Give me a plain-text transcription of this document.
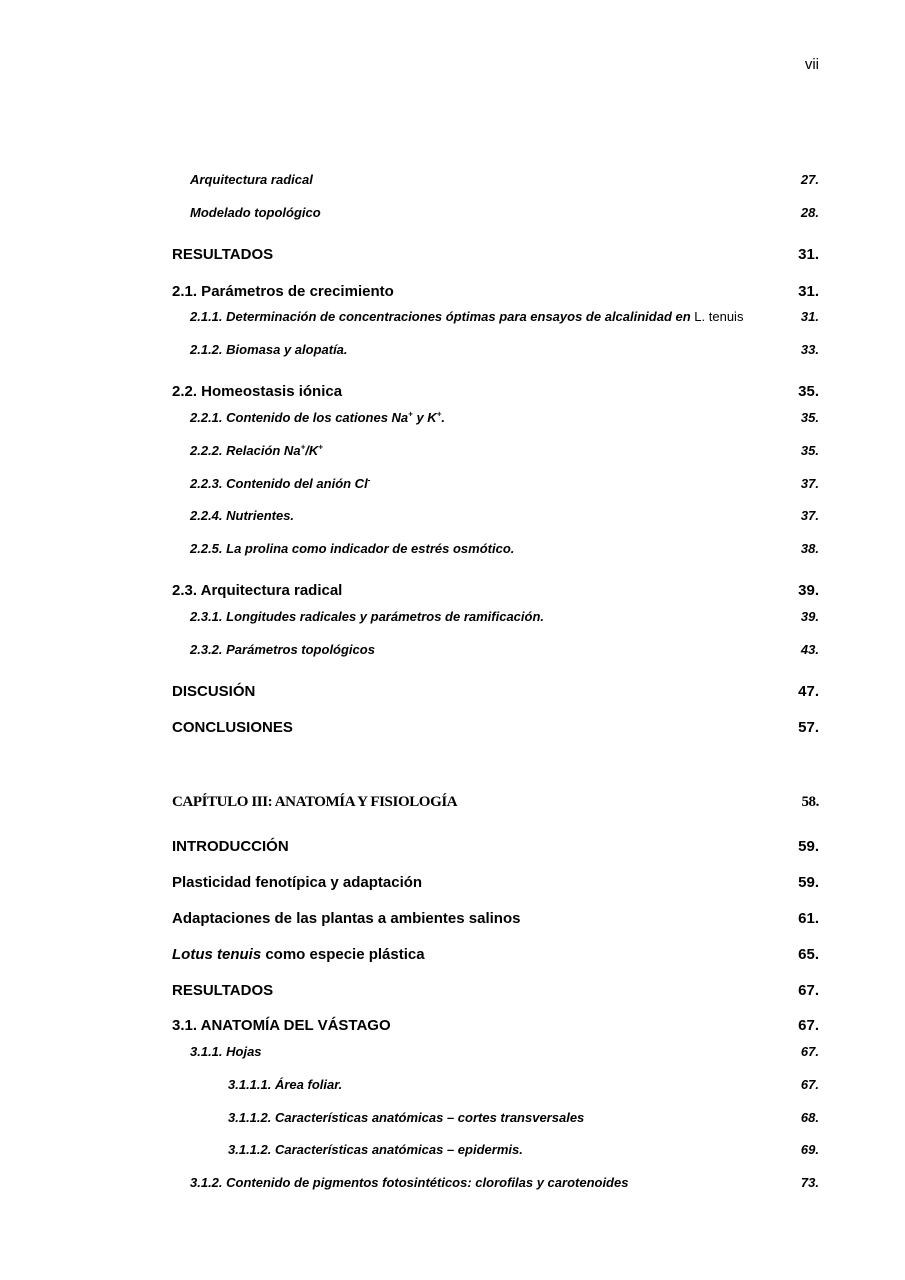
vii
Arquitectura radical	27.
Modelado topológico	28.
RESULTADOS	31.
2.1. Parámetros de crecimiento	31.
2.1.1. Determinación de concentraciones óptimas para ensayos de alcalinidad en L. tenuis	31.
2.1.2. Biomasa y alopatía.	33.
2.2. Homeostasis iónica	35.
2.2.1. Contenido de los cationes Na+ y K+.	35.
2.2.2. Relación Na+/K+	35.
2.2.3. Contenido del anión Cl-	37.
2.2.4. Nutrientes.	37.
2.2.5. La prolina como indicador de estrés osmótico.	38.
2.3. Arquitectura radical	39.
2.3.1. Longitudes radicales y parámetros de ramificación.	39.
2.3.2. Parámetros topológicos	43.
DISCUSIÓN	47.
CONCLUSIONES	57.
CAPÍTULO III: ANATOMÍA Y FISIOLOGÍA	58.
INTRODUCCIÓN	59.
Plasticidad fenotípica y adaptación	59.
Adaptaciones de las plantas a ambientes salinos	61.
Lotus tenuis como especie plástica	65.
RESULTADOS	67.
3.1. ANATOMÍA DEL VÁSTAGO	67.
3.1.1. Hojas	67.
3.1.1.1. Área foliar.	67.
3.1.1.2. Características anatómicas – cortes transversales	68.
3.1.1.2. Características anatómicas – epidermis.	69.
3.1.2. Contenido de pigmentos fotosintéticos: clorofilas y carotenoides	73.
